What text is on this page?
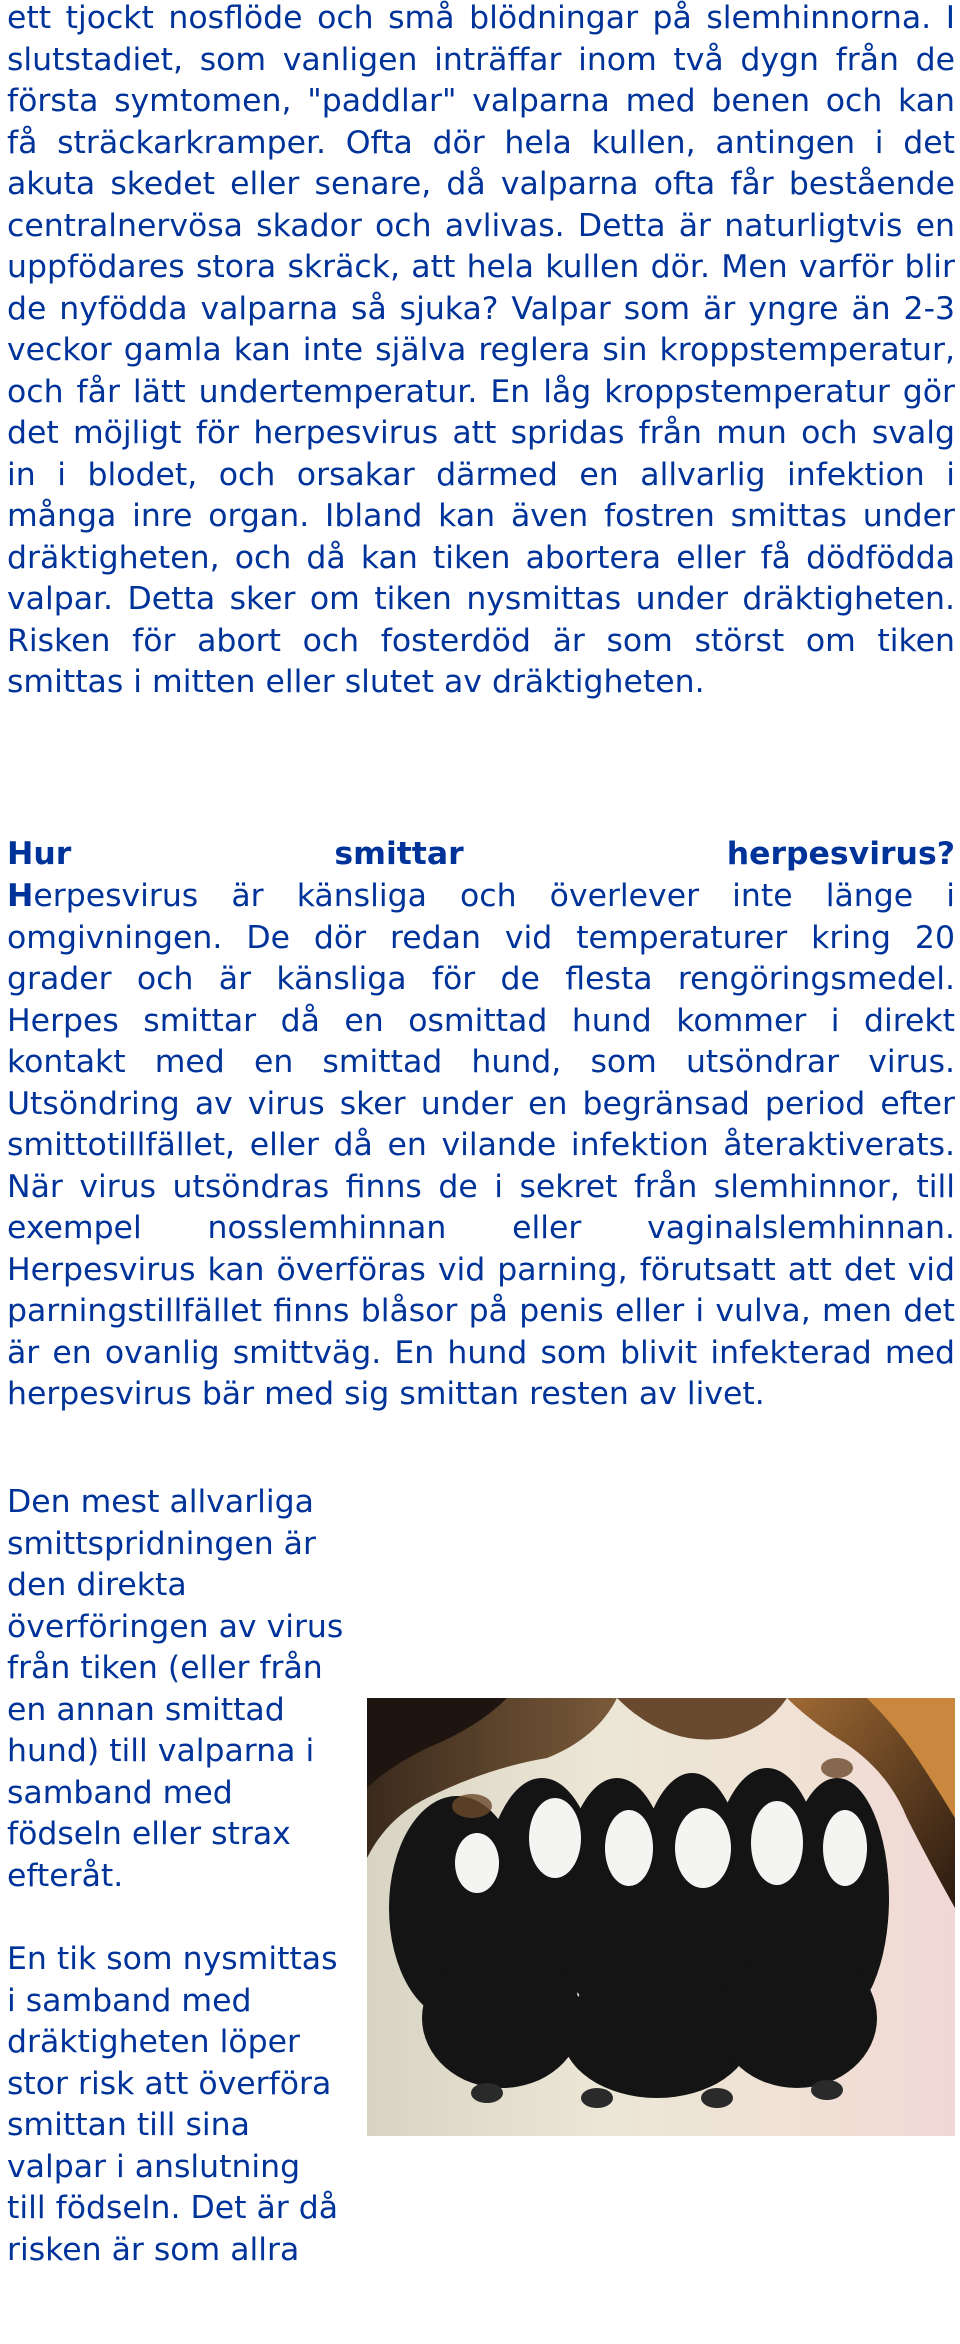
ett tjockt nosflöde och små blödningar på slemhinnorna. I slutstadiet, som vanligen inträffar inom två dygn från de första symtomen, "paddlar" valparna med benen och kan få sträckarkramper. Ofta dör hela kullen, antingen i det akuta skedet eller senare, då valparna ofta får bestående centralnervösa skador och avlivas. Detta är naturligtvis en uppfödares stora skräck, att hela kullen dör. Men varför blir de nyfödda valparna så sjuka? Valpar som är yngre än 2-3 veckor gamla kan inte själva reglera sin kroppstemperatur, och får lätt undertemperatur. En låg kroppstemperatur gör det möjligt för herpesvirus att spridas från mun och svalg in i blodet, och orsakar därmed en allvarlig infektion i många inre organ. Ibland kan även fostren smittas under dräktigheten, och då kan tiken abortera eller få dödfödda valpar. Detta sker om tiken nysmittas under dräktigheten. Risken för abort och fosterdöd är som störst om tiken smittas i mitten eller slutet av dräktigheten.

Hur smittar herpesvirus?

Herpesvirus är känsliga och överlever inte länge i omgivningen. De dör redan vid temperaturer kring 20 grader och är känsliga för de flesta rengöringsmedel. Herpes smittar då en osmittad hund kommer i direkt kontakt med en smittad hund, som utsöndrar virus. Utsöndring av virus sker under en begränsad period efter smittotillfället, eller då en vilande infektion återaktiverats. När virus utsöndras finns de i sekret från slemhinnor, till exempel nosslemhinnan eller vaginalslemhinnan. Herpesvirus kan överföras vid parning, förutsatt att det vid parningstillfället finns blåsor på penis eller i vulva, men det är en ovanlig smittväg. En hund som blivit infekterad med herpesvirus bär med sig smittan resten av livet.

Den mest allvarliga smittspridningen är den direkta överföringen av virus från tiken (eller från en annan smittad hund) till valparna i samband med födseln eller strax efteråt.

En tik som nysmittas i samband med dräktigheten löper stor risk att överföra smittan till sina valpar i anslutning till födseln. Det är då risken är som allra
